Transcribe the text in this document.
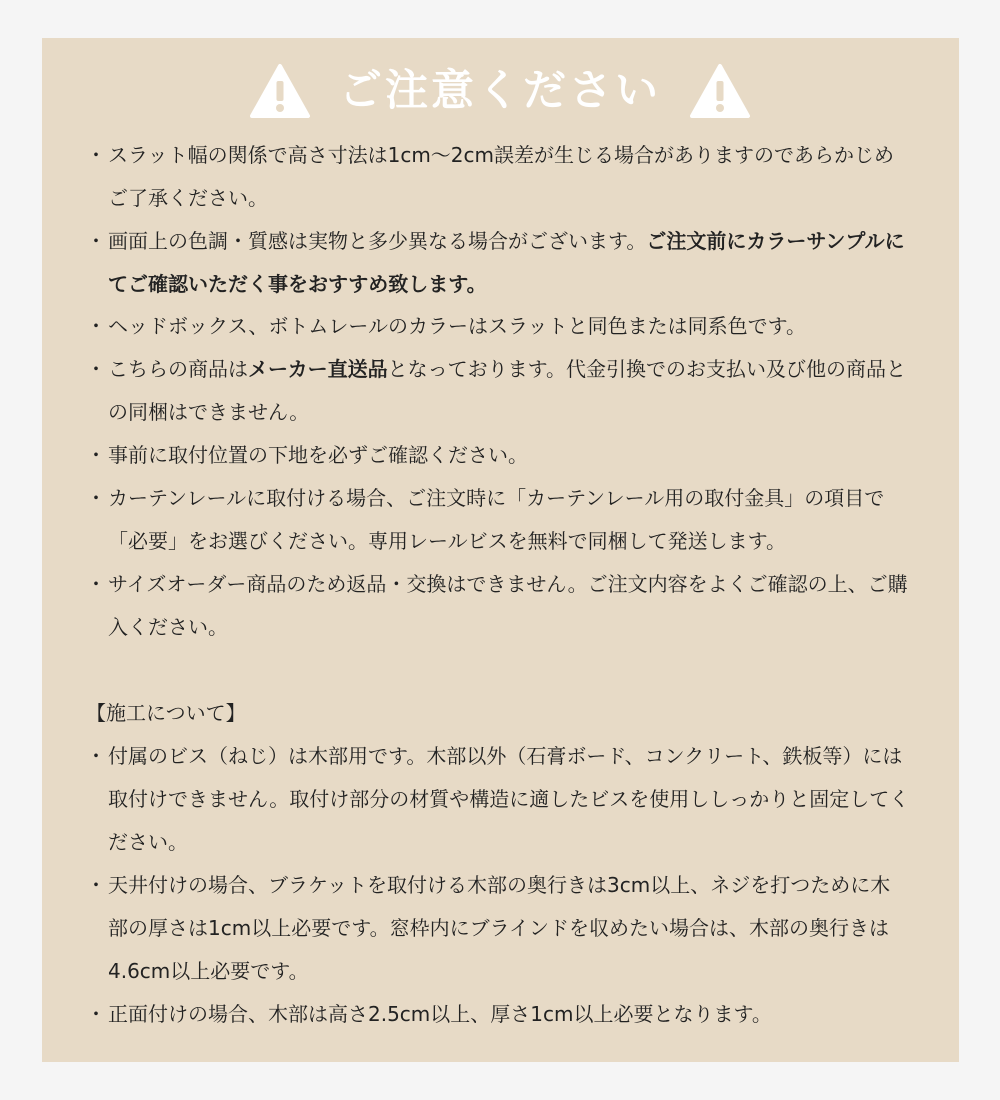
ご注意ください
・ スラット幅の関係で高さ寸法は1cm〜2cm誤差が生じる場合がありますのであらかじめご了承ください。
・ 画面上の色調・質感は実物と多少異なる場合がございます。ご注文前にカラーサンプルにてご確認いただく事をおすすめ致します。
・ ヘッドボックス、ボトムレールのカラーはスラットと同色または同系色です。
・ こちらの商品はメーカー直送品となっております。代金引換でのお支払い及び他の商品との同梱はできません。
・ 事前に取付位置の下地を必ずご確認ください。
・ カーテンレールに取付ける場合、ご注文時に「カーテンレール用の取付金具」の項目で「必要」をお選びください。専用レールビスを無料で同梱して発送します。
・ サイズオーダー商品のため返品・交換はできません。ご注文内容をよくご確認の上、ご購入ください。
【施工について】
・ 付属のビス（ねじ）は木部用です。木部以外（石膏ボード、コンクリート、鉄板等）には取付けできません。取付け部分の材質や構造に適したビスを使用ししっかりと固定してください。
・ 天井付けの場合、ブラケットを取付ける木部の奥行きは3cm以上、ネジを打つために木部の厚さは1cm以上必要です。窓枠内にブラインドを収めたい場合は、木部の奥行きは4.6cm以上必要です。
・ 正面付けの場合、木部は高さ2.5cm以上、厚さ1cm以上必要となります。
